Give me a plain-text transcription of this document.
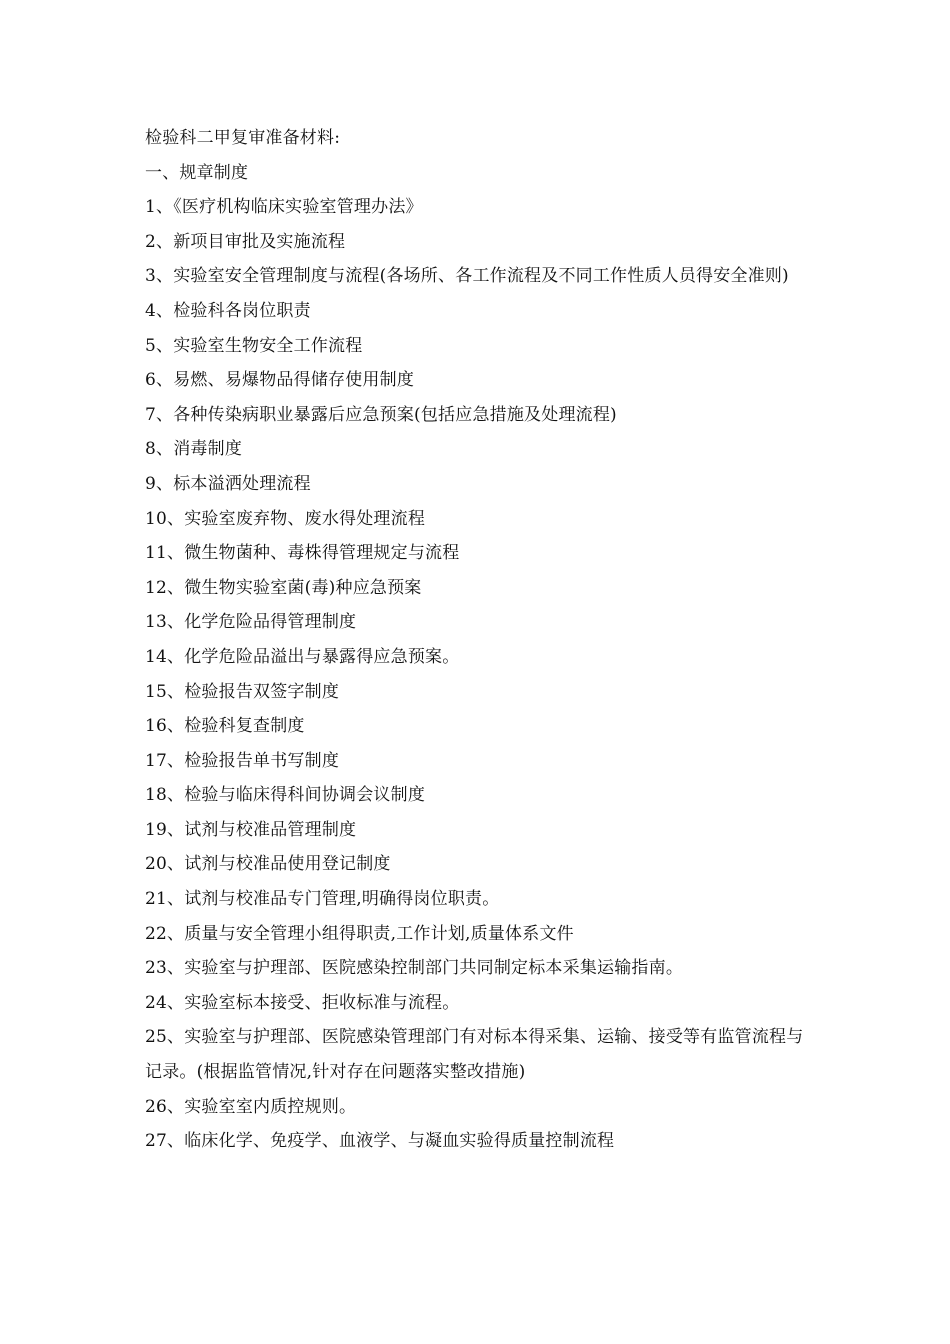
检验科二甲复审准备材料:

一、规章制度

1、《医疗机构临床实验室管理办法》

2、新项目审批及实施流程

3、实验室安全管理制度与流程(各场所、各工作流程及不同工作性质人员得安全准则)

4、检验科各岗位职责

5、实验室生物安全工作流程

6、易燃、易爆物品得储存使用制度

7、各种传染病职业暴露后应急预案(包括应急措施及处理流程)

8、消毒制度

9、标本溢洒处理流程

10、实验室废弃物、废水得处理流程

11、微生物菌种、毒株得管理规定与流程

12、微生物实验室菌(毒)种应急预案

13、化学危险品得管理制度

14、化学危险品溢出与暴露得应急预案。

15、检验报告双签字制度

16、检验科复查制度

17、检验报告单书写制度

18、检验与临床得科间协调会议制度

19、试剂与校准品管理制度

20、试剂与校准品使用登记制度

21、试剂与校准品专门管理,明确得岗位职责。

22、质量与安全管理小组得职责,工作计划,质量体系文件

23、实验室与护理部、医院感染控制部门共同制定标本采集运输指南。

24、实验室标本接受、拒收标准与流程。

25、实验室与护理部、医院感染管理部门有对标本得采集、运输、接受等有监管流程与记录。(根据监管情况,针对存在问题落实整改措施)

26、实验室室内质控规则。

27、临床化学、免疫学、血液学、与凝血实验得质量控制流程
